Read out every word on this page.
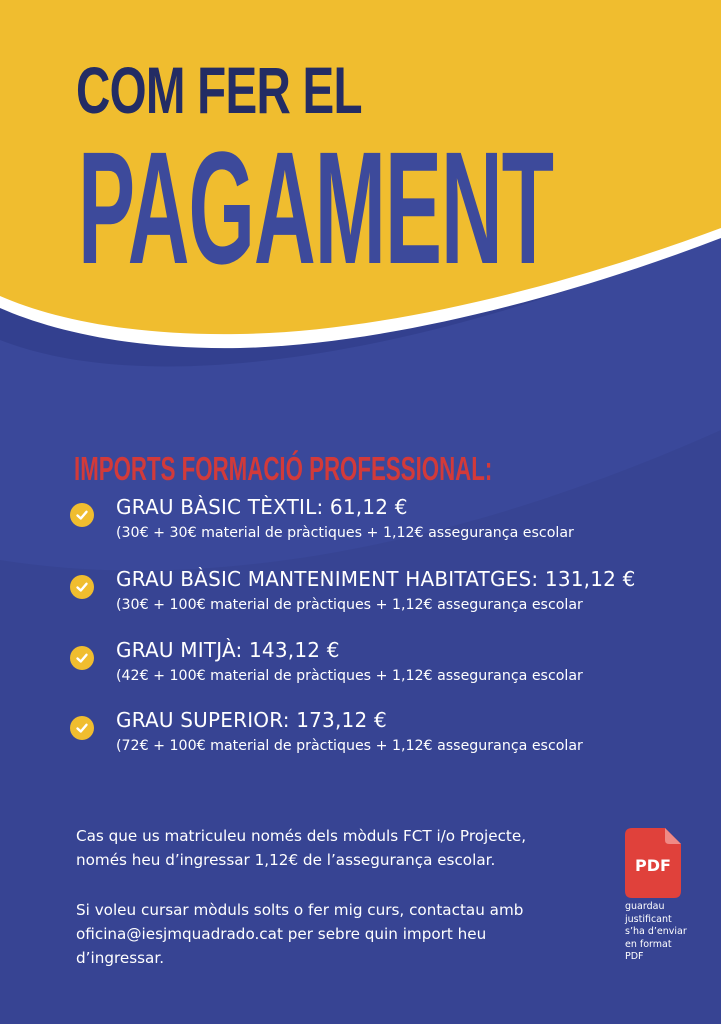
COM FER EL
PAGAMENT
IMPORTS FORMACIÓ PROFESSIONAL:
GRAU BÀSIC TÈXTIL: 61,12 €
(30€ + 30€ material de pràctiques + 1,12€ assegurança escolar
GRAU BÀSIC MANTENIMENT HABITATGES: 131,12 €
(30€ + 100€ material de pràctiques + 1,12€ assegurança escolar
GRAU MITJÀ: 143,12 €
(42€ + 100€ material de pràctiques + 1,12€ assegurança escolar
GRAU SUPERIOR: 173,12 €
(72€ + 100€ material de pràctiques + 1,12€ assegurança escolar

Cas que us matriculeu només dels mòduls FCT i/o Projecte,
només heu d’ingressar 1,12€ de l’assegurança escolar.

Si voleu cursar mòduls solts o fer mig curs, contactau amb
oficina@iesjmquadrado.cat per sebre quin import heu
d’ingressar.

PDF

guardau
justificant
s’ha d’enviar
en format
PDF
